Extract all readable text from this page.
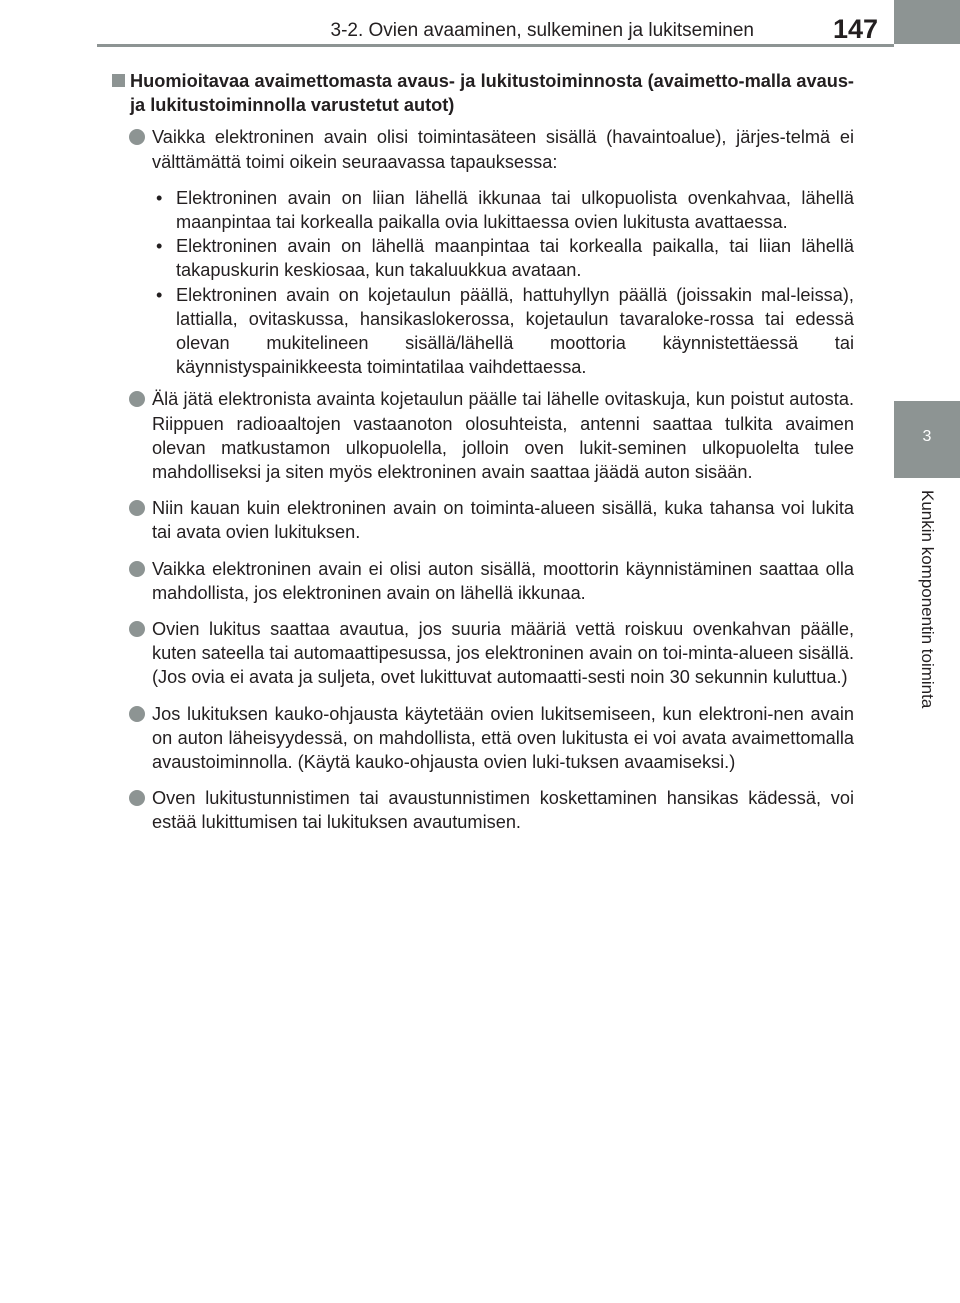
3-2. Ovien avaaminen, sulkeminen ja lukitseminen	147
3
Kunkin komponentin toiminta
Huomioitavaa avaimettomasta avaus- ja lukitustoiminnosta (avaimetto-malla avaus- ja lukitustoiminnolla varustetut autot)
Vaikka elektroninen avain olisi toimintasäteen sisällä (havaintoalue), järjes-telmä ei välttämättä toimi oikein seuraavassa tapauksessa:
• Elektroninen avain on liian lähellä ikkunaa tai ulkopuolista ovenkahvaa, lähellä maanpintaa tai korkealla paikalla ovia lukittaessa ovien lukitusta avattaessa.
• Elektroninen avain on lähellä maanpintaa tai korkealla paikalla, tai liian lähellä takapuskurin keskiosaa, kun takaluukkua avataan.
• Elektroninen avain on kojetaulun päällä, hattuhyllyn päällä (joissakin mal-leissa), lattialla, ovitaskussa, hansikaslokerossa, kojetaulun tavaraloke-rossa tai edessä olevan mukitelineen sisällä/lähellä moottoria käynnistettäessä tai käynnistyspainikkeesta toimintatilaa vaihdettaessa.
Älä jätä elektronista avainta kojetaulun päälle tai lähelle ovitaskuja, kun poistut autosta. Riippuen radioaaltojen vastaanoton olosuhteista, antenni saattaa tulkita avaimen olevan matkustamon ulkopuolella, jolloin oven lukit-seminen ulkopuolelta tulee mahdolliseksi ja siten myös elektroninen avain saattaa jäädä auton sisään.
Niin kauan kuin elektroninen avain on toiminta-alueen sisällä, kuka tahansa voi lukita tai avata ovien lukituksen.
Vaikka elektroninen avain ei olisi auton sisällä, moottorin käynnistäminen saattaa olla mahdollista, jos elektroninen avain on lähellä ikkunaa.
Ovien lukitus saattaa avautua, jos suuria määriä vettä roiskuu ovenkahvan päälle, kuten sateella tai automaattipesussa, jos elektroninen avain on toi-minta-alueen sisällä. (Jos ovia ei avata ja suljeta, ovet lukittuvat automaatti-sesti noin 30 sekunnin kuluttua.)
Jos lukituksen kauko-ohjausta käytetään ovien lukitsemiseen, kun elektroni-nen avain on auton läheisyydessä, on mahdollista, että oven lukitusta ei voi avata avaimettomalla avaustoiminnolla. (Käytä kauko-ohjausta ovien luki-tuksen avaamiseksi.)
Oven lukitustunnistimen tai avaustunnistimen koskettaminen hansikas kädessä, voi estää lukittumisen tai lukituksen avautumisen.
